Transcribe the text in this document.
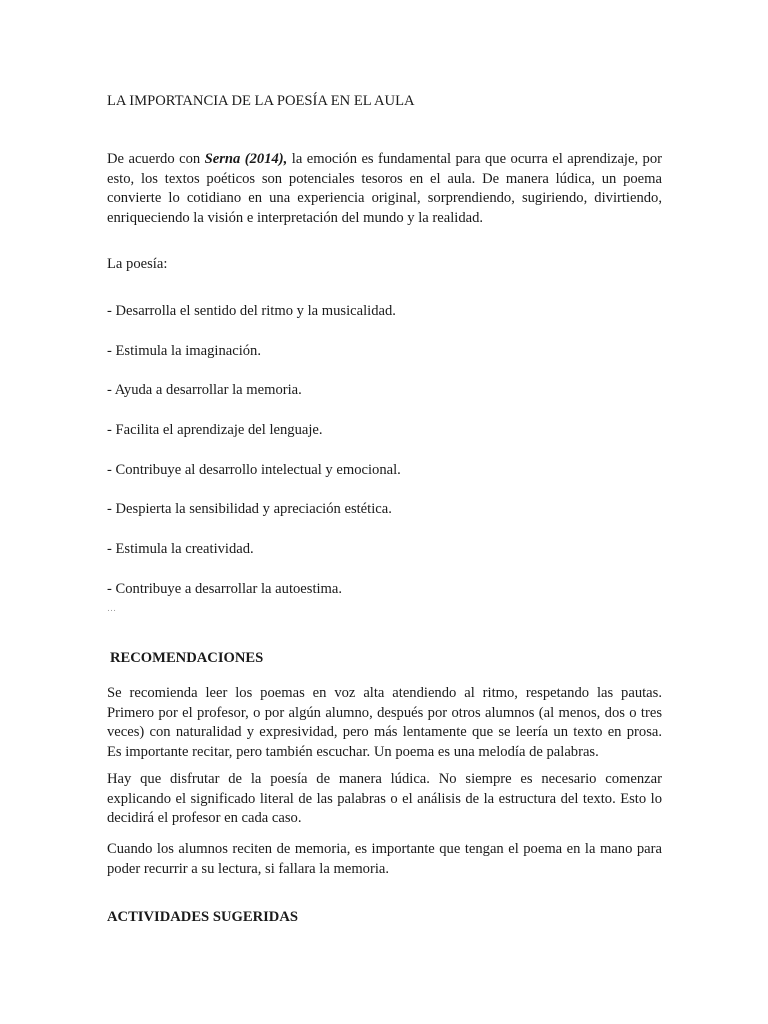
LA IMPORTANCIA DE LA POESÍA EN EL AULA

De acuerdo con Serna (2014), la emoción es fundamental para que ocurra el aprendizaje, por
esto, los textos poéticos son potenciales tesoros en el aula. De manera lúdica, un poema
convierte lo cotidiano en una experiencia original, sorprendiendo, sugiriendo, divirtiendo,
enriqueciendo la visión e interpretación del mundo y la realidad.

La poesía:

- Desarrolla el sentido del ritmo y la musicalidad.

- Estimula la imaginación.

- Ayuda a desarrollar la memoria.

- Facilita el aprendizaje del lenguaje.

- Contribuye al desarrollo intelectual y emocional.

- Despierta la sensibilidad y apreciación estética.

- Estimula la creatividad.

- Contribuye a desarrollar la autoestima.

…

RECOMENDACIONES

Se recomienda leer los poemas en voz alta atendiendo al ritmo, respetando las pautas.
Primero por el profesor, o por algún alumno, después por otros alumnos (al menos, dos o tres
veces) con naturalidad y expresividad, pero más lentamente que se leería un texto en prosa.
Es importante recitar, pero también escuchar. Un poema es una melodía de palabras.
Hay que disfrutar de la poesía de manera lúdica. No siempre es necesario comenzar
explicando el significado literal de las palabras o el análisis de la estructura del texto. Esto lo
decidirá el profesor en cada caso.
Cuando los alumnos reciten de memoria, es importante que tengan el poema en la mano para
poder recurrir a su lectura, si fallara la memoria.

ACTIVIDADES SUGERIDAS
